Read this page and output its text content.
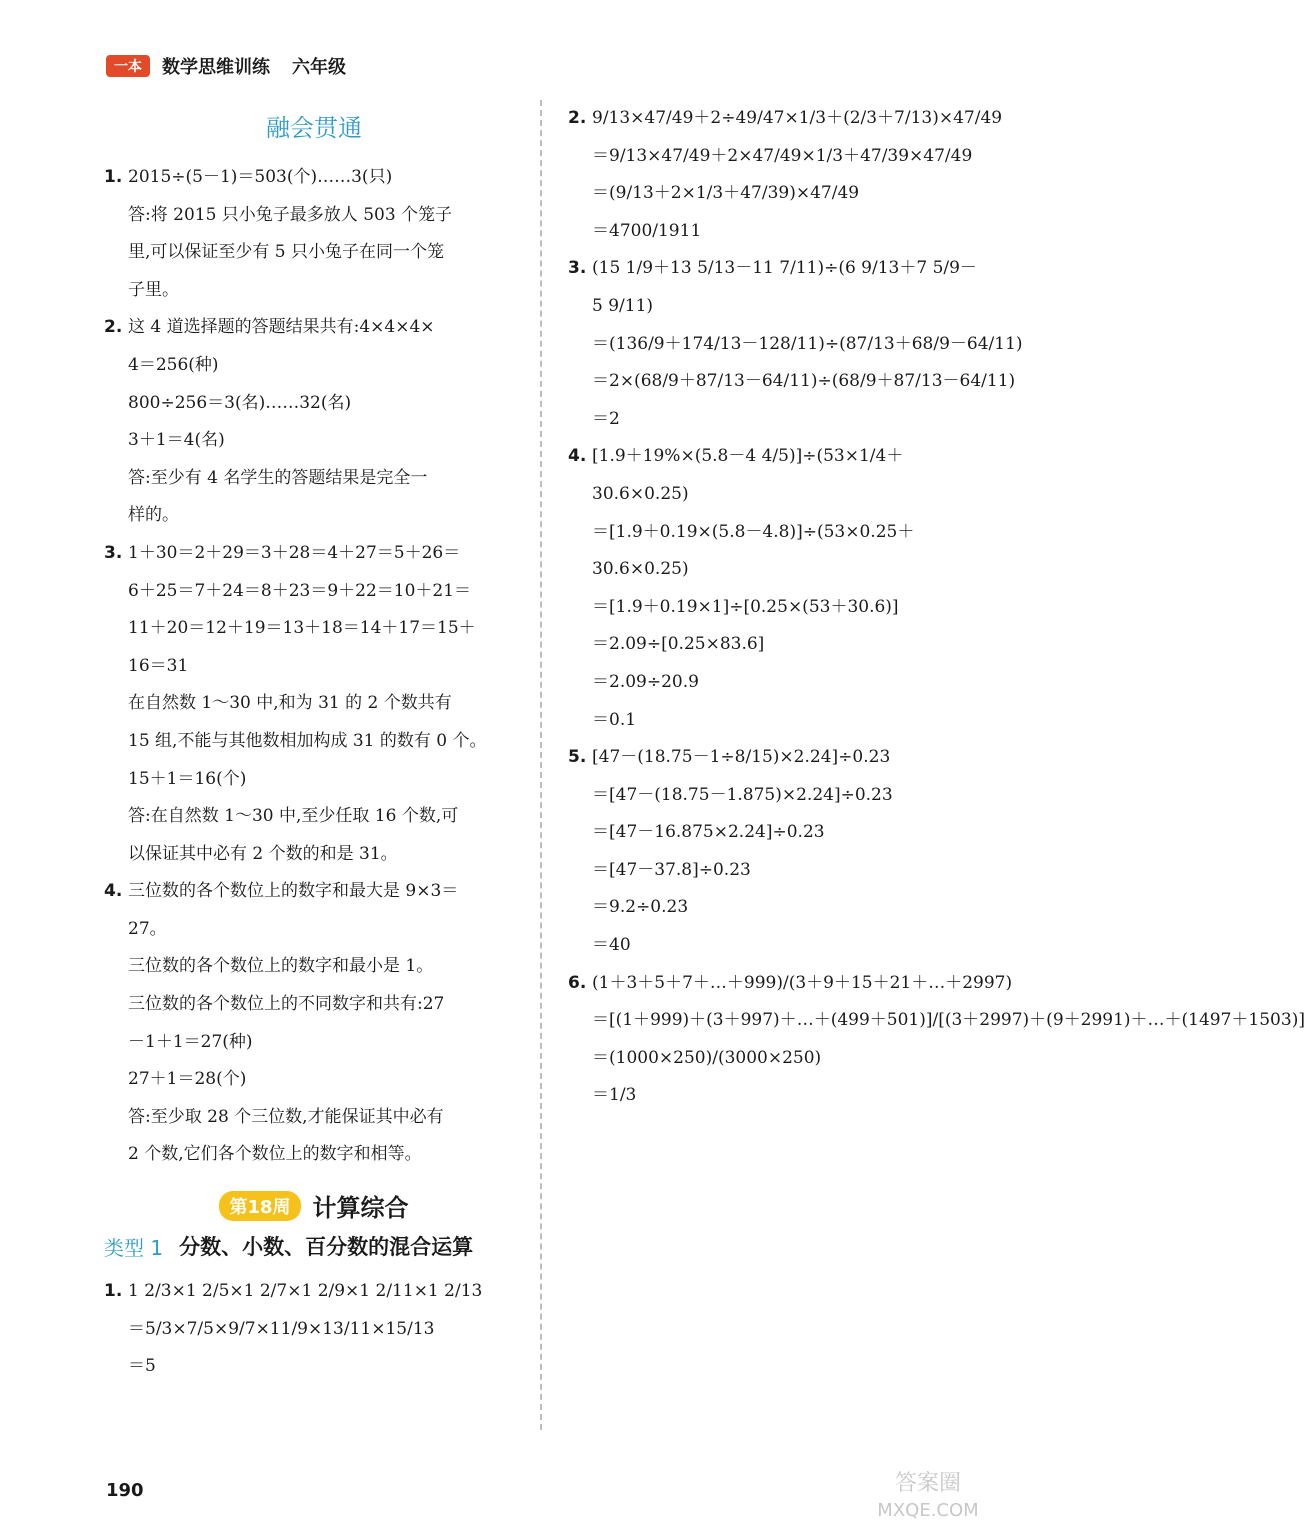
一本	数学思维训练 六年级
融会贯通
1. 2015÷(5－1)＝503(个)……3(只)
答:将 2015 只小兔子最多放人 503 个笼子
里,可以保证至少有 5 只小兔子在同一个笼
子里。
2. 这 4 道选择题的答题结果共有:4×4×4×
4＝256(种)
800÷256＝3(名)……32(名)
3＋1＝4(名)
答:至少有 4 名学生的答题结果是完全一
样的。
3. 1＋30＝2＋29＝3＋28＝4＋27＝5＋26＝
6＋25＝7＋24＝8＋23＝9＋22＝10＋21＝
11＋20＝12＋19＝13＋18＝14＋17＝15＋
16＝31
在自然数 1～30 中,和为 31 的 2 个数共有
15 组,不能与其他数相加构成 31 的数有 0 个。
15＋1＝16(个)
答:在自然数 1～30 中,至少任取 16 个数,可
以保证其中必有 2 个数的和是 31。
4. 三位数的各个数位上的数字和最大是 9×3＝
27。
三位数的各个数位上的数字和最小是 1。
三位数的各个数位上的不同数字和共有:27
－1＋1＝27(种)
27＋1＝28(个)
答:至少取 28 个三位数,才能保证其中必有
2 个数,它们各个数位上的数字和相等。
第18周 计算综合
类型 1 分数、小数、百分数的混合运算
1. 1 2/3×1 2/5×1 2/7×1 2/9×1 2/11×1 2/13
＝5/3×7/5×9/7×11/9×13/11×15/13
＝5
2. 9/13×47/49＋2÷49/47×1/3＋(2/3＋7/13)×47/49
＝9/13×47/49＋2×47/49×1/3＋47/39×47/49
＝(9/13＋2×1/3＋47/39)×47/49
＝4700/1911
3. (15 1/9＋13 5/13－11 7/11)÷(6 9/13＋7 5/9－
5 9/11)
＝(136/9＋174/13－128/11)÷(87/13＋68/9－64/11)
＝2×(68/9＋87/13－64/11)÷(68/9＋87/13－64/11)
＝2
4. [1.9＋19%×(5.8－4 4/5)]÷(53×1/4＋
30.6×0.25)
＝[1.9＋0.19×(5.8－4.8)]÷(53×0.25＋
30.6×0.25)
＝[1.9＋0.19×1]÷[0.25×(53＋30.6)]
＝2.09÷[0.25×83.6]
＝2.09÷20.9
＝0.1
5. [47－(18.75－1÷8/15)×2.24]÷0.23
＝[47－(18.75－1.875)×2.24]÷0.23
＝[47－16.875×2.24]÷0.23
＝[47－37.8]÷0.23
＝9.2÷0.23
＝40
6. (1＋3＋5＋7＋…＋999)/(3＋9＋15＋21＋…＋2997)
＝[(1＋999)＋(3＋997)＋…＋(499＋501)]/[(3＋2997)＋(9＋2991)＋…＋(1497＋1503)]
＝(1000×250)/(3000×250)
＝1/3
190	答案圈
MXQE.COM
